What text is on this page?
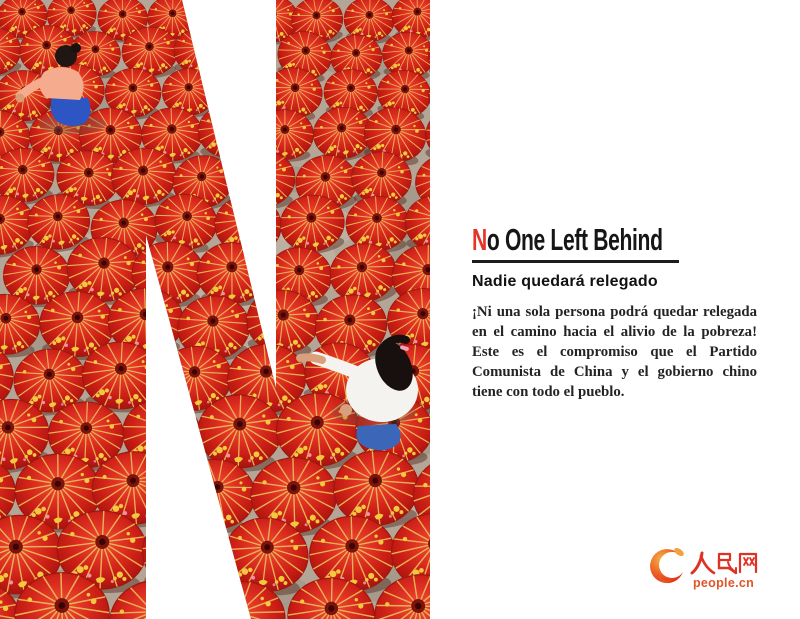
No One Left Behind
Nadie quedará relegado
¡Ni una sola persona podrá quedar relegada en el camino hacia el alivio de la pobreza! Este es el compromiso que el Partido Comunista de China y el gobierno chino tiene con todo el pueblo.
people.cn
